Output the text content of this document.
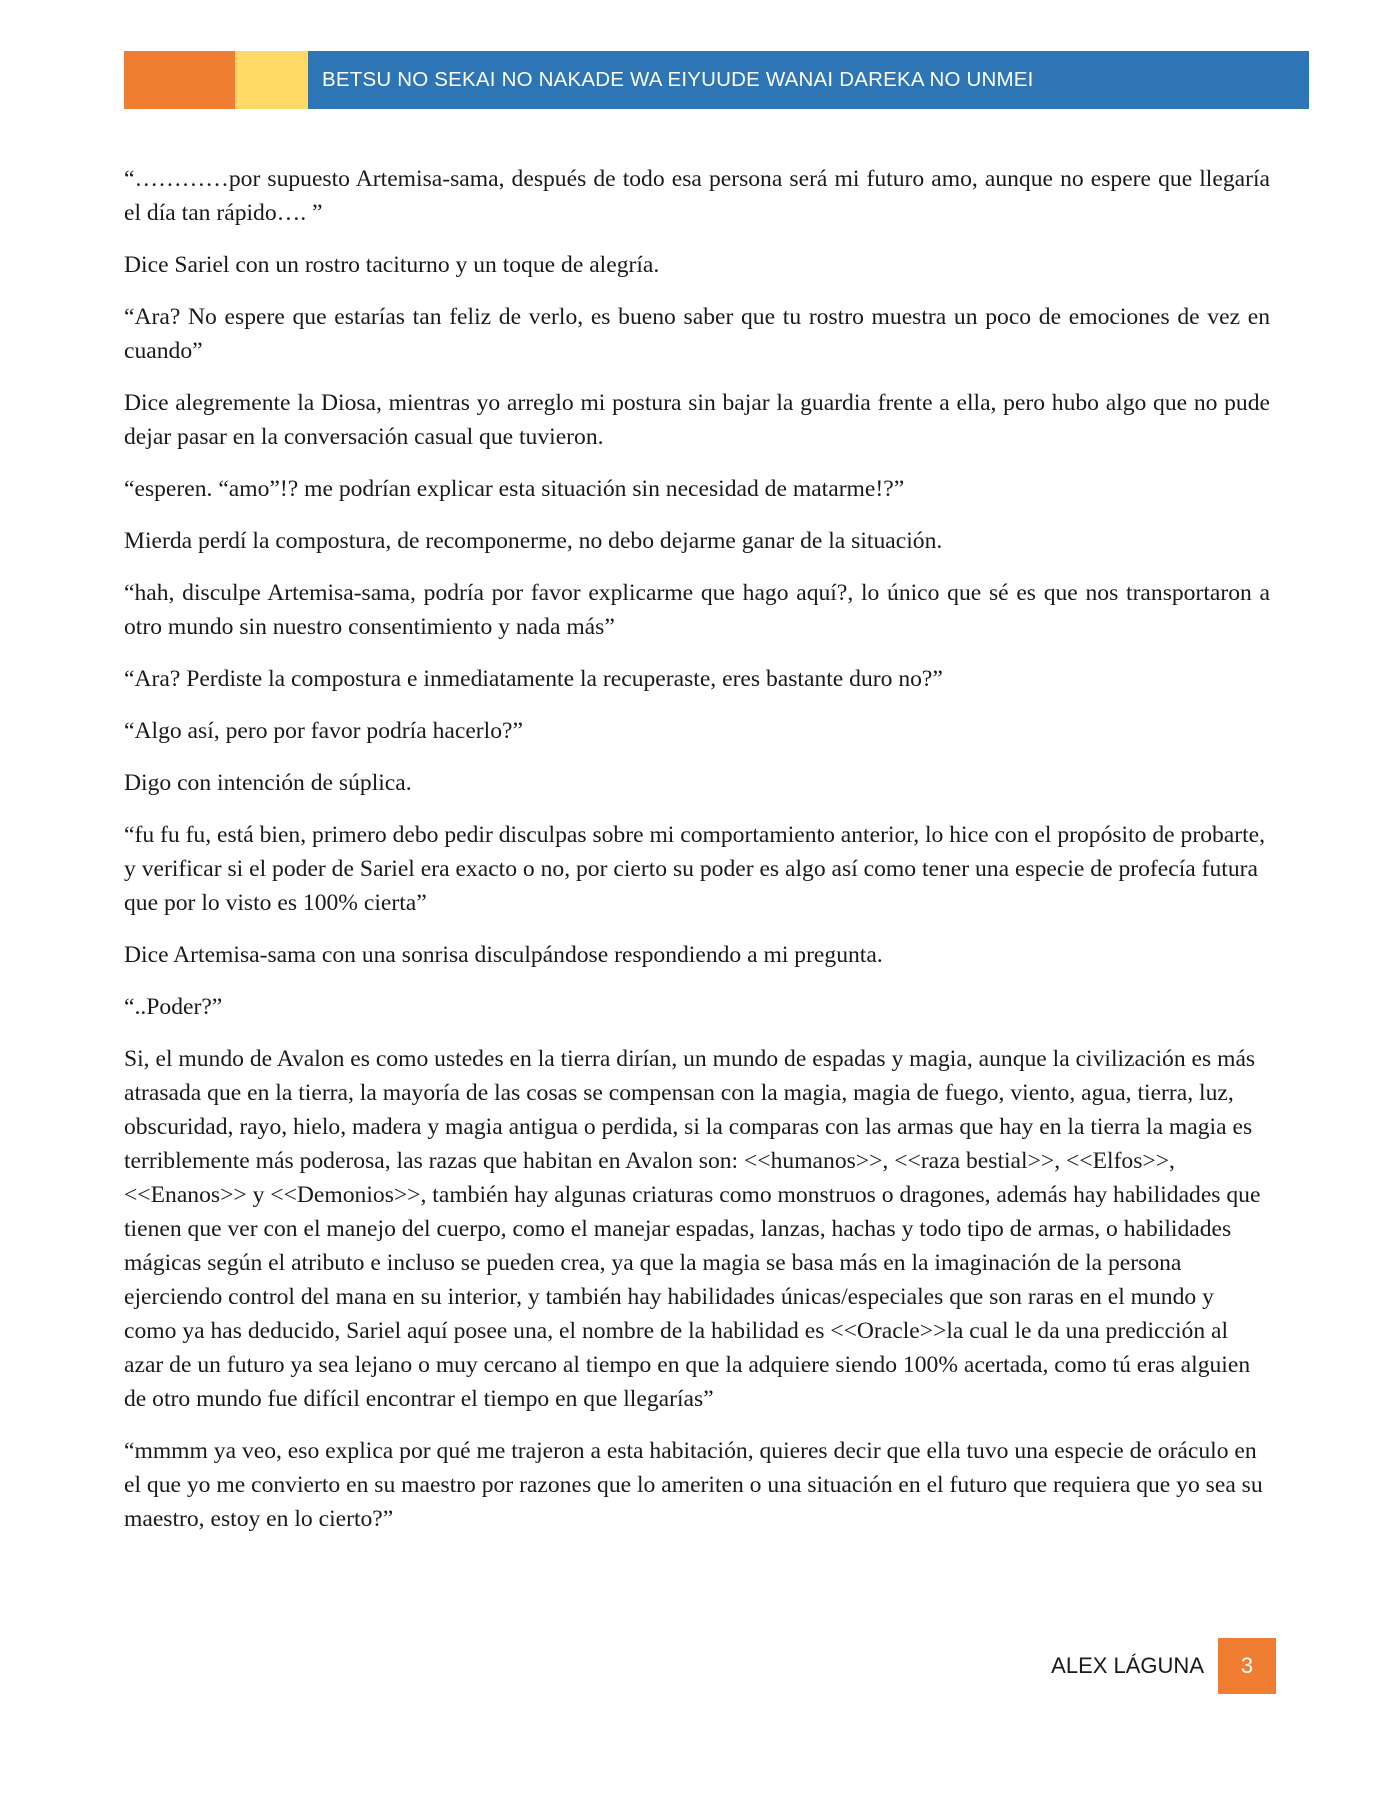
BETSU NO SEKAI NO NAKADE WA EIYUUDE WANAI DAREKA NO UNMEI

“…………por supuesto Artemisa-sama, después de todo esa persona será mi futuro amo, aunque no espere que llegaría el día tan rápido…. ”

Dice Sariel con un rostro taciturno y un toque de alegría.

“Ara? No espere que estarías tan feliz de verlo, es bueno saber que tu rostro muestra un poco de emociones de vez en cuando”

Dice alegremente la Diosa, mientras yo arreglo mi postura sin bajar la guardia frente a ella, pero hubo algo que no pude dejar pasar en la conversación casual que tuvieron.

“esperen. “amo”!? me podrían explicar esta situación sin necesidad de matarme!?”

Mierda perdí la compostura, de recomponerme, no debo dejarme ganar de la situación.

“hah, disculpe Artemisa-sama, podría por favor explicarme que hago aquí?, lo único que sé es que nos transportaron a otro mundo sin nuestro consentimiento y nada más”

“Ara? Perdiste la compostura e inmediatamente la recuperaste, eres bastante duro no?”

“Algo así, pero por favor podría hacerlo?”

Digo con intención de súplica.

“fu fu fu, está bien, primero debo pedir disculpas sobre mi comportamiento anterior, lo hice con el propósito de probarte, y verificar si el poder de Sariel era exacto o no, por cierto su poder es algo así como tener una especie de profecía futura que por lo visto es 100% cierta”

Dice Artemisa-sama con una sonrisa disculpándose respondiendo a mi pregunta.

“..Poder?”

Si, el mundo de Avalon es como ustedes en la tierra dirían, un mundo de espadas y magia, aunque la civilización es más atrasada que en la tierra, la mayoría de las cosas se compensan con la magia, magia de fuego, viento, agua, tierra, luz, obscuridad, rayo, hielo, madera y magia antigua o perdida, si la comparas con las armas que hay en la tierra la magia es terriblemente más poderosa, las razas que habitan en Avalon son: <<humanos>>, <<raza bestial>>, <<Elfos>>, <<Enanos>> y <<Demonios>>, también hay algunas criaturas como monstruos o dragones, además hay habilidades que tienen que ver con el manejo del cuerpo, como el manejar espadas, lanzas, hachas y todo tipo de armas, o habilidades mágicas según el atributo e incluso se pueden crea, ya que la magia se basa más en la imaginación de la persona ejerciendo control del mana en su interior, y también hay habilidades únicas/especiales que son raras en el mundo y como ya has deducido, Sariel aquí posee una, el nombre de la habilidad es <<Oracle>>la cual le da una predicción al azar de un futuro ya sea lejano o muy cercano al tiempo en que la adquiere siendo 100% acertada, como tú eras alguien de otro mundo fue difícil encontrar el tiempo en que llegarías”

“mmmm ya veo, eso explica por qué me trajeron a esta habitación, quieres decir que ella tuvo una especie de oráculo en el que yo me convierto en su maestro por razones que lo ameriten o una situación en el futuro que requiera que yo sea su maestro, estoy en lo cierto?”

ALEX LÁGUNA	3
